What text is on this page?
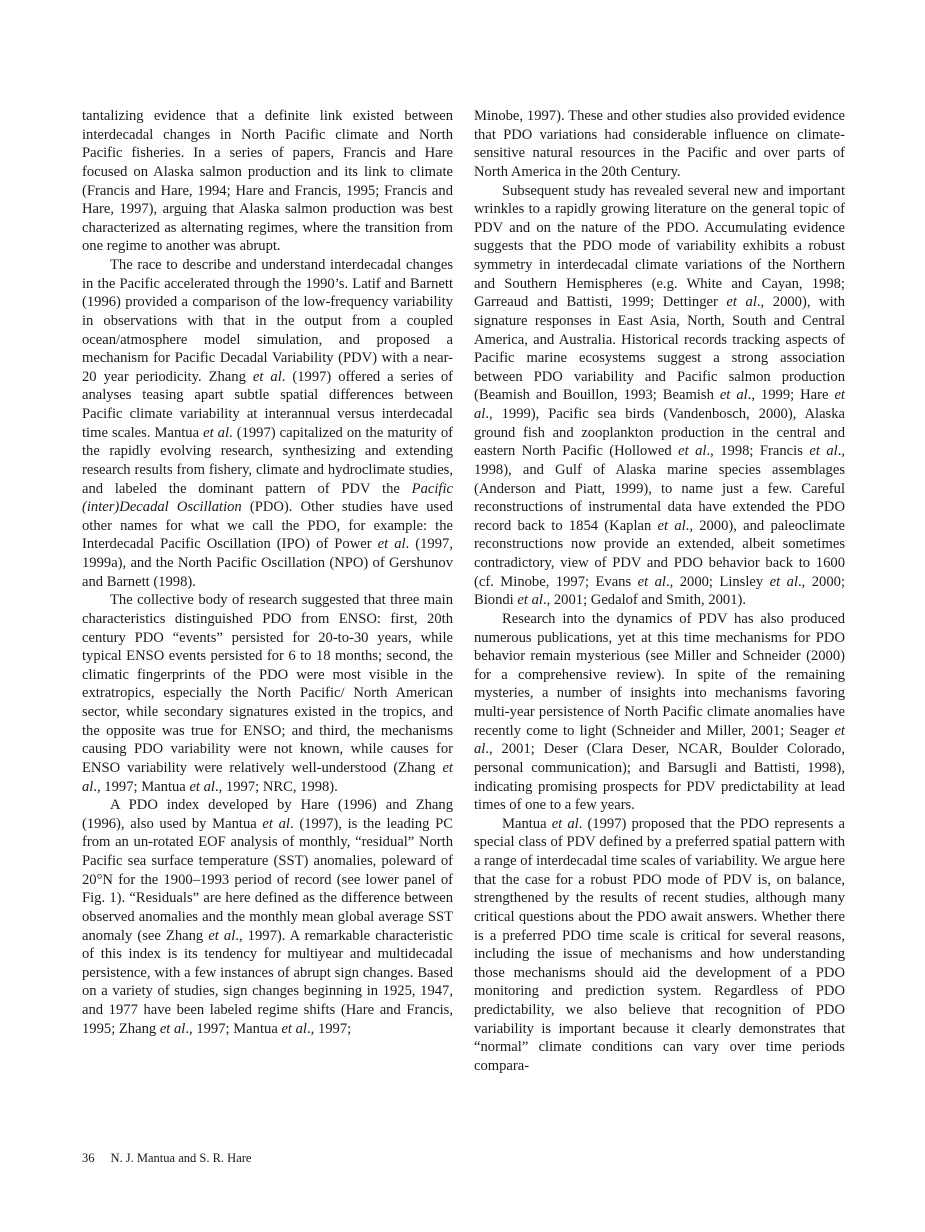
tantalizing evidence that a definite link existed between interdecadal changes in North Pacific climate and North Pacific fisheries. In a series of papers, Francis and Hare focused on Alaska salmon production and its link to climate (Francis and Hare, 1994; Hare and Francis, 1995; Francis and Hare, 1997), arguing that Alaska salmon production was best characterized as alternating regimes, where the transition from one regime to another was abrupt.

The race to describe and understand interdecadal changes in the Pacific accelerated through the 1990’s. Latif and Barnett (1996) provided a comparison of the low-frequency variability in observations with that in the output from a coupled ocean/atmosphere model simulation, and proposed a mechanism for Pacific Decadal Variability (PDV) with a near-20 year periodicity. Zhang et al. (1997) offered a series of analyses teasing apart subtle spatial differences between Pacific climate variability at interannual versus interdecadal time scales. Mantua et al. (1997) capitalized on the maturity of the rapidly evolving research, synthesizing and extending research results from fishery, climate and hydroclimate studies, and labeled the dominant pattern of PDV the Pacific (inter)Decadal Oscillation (PDO). Other studies have used other names for what we call the PDO, for example: the Interdecadal Pacific Oscillation (IPO) of Power et al. (1997, 1999a), and the North Pacific Oscillation (NPO) of Gershunov and Barnett (1998).

The collective body of research suggested that three main characteristics distinguished PDO from ENSO: first, 20th century PDO “events” persisted for 20-to-30 years, while typical ENSO events persisted for 6 to 18 months; second, the climatic fingerprints of the PDO were most visible in the extratropics, especially the North Pacific/ North American sector, while secondary signatures existed in the tropics, and the opposite was true for ENSO; and third, the mechanisms causing PDO variability were not known, while causes for ENSO variability were relatively well-understood (Zhang et al., 1997; Mantua et al., 1997; NRC, 1998).

A PDO index developed by Hare (1996) and Zhang (1996), also used by Mantua et al. (1997), is the leading PC from an un-rotated EOF analysis of monthly, “residual” North Pacific sea surface temperature (SST) anomalies, poleward of 20°N for the 1900–1993 period of record (see lower panel of Fig. 1). “Residuals” are here defined as the difference between observed anomalies and the monthly mean global average SST anomaly (see Zhang et al., 1997). A remarkable characteristic of this index is its tendency for multiyear and multidecadal persistence, with a few instances of abrupt sign changes. Based on a variety of studies, sign changes beginning in 1925, 1947, and 1977 have been labeled regime shifts (Hare and Francis, 1995; Zhang et al., 1997; Mantua et al., 1997;

Minobe, 1997). These and other studies also provided evidence that PDO variations had considerable influence on climate-sensitive natural resources in the Pacific and over parts of North America in the 20th Century.

Subsequent study has revealed several new and important wrinkles to a rapidly growing literature on the general topic of PDV and on the nature of the PDO. Accumulating evidence suggests that the PDO mode of variability exhibits a robust symmetry in interdecadal climate variations of the Northern and Southern Hemispheres (e.g. White and Cayan, 1998; Garreaud and Battisti, 1999; Dettinger et al., 2000), with signature responses in East Asia, North, South and Central America, and Australia. Historical records tracking aspects of Pacific marine ecosystems suggest a strong association between PDO variability and Pacific salmon production (Beamish and Bouillon, 1993; Beamish et al., 1999; Hare et al., 1999), Pacific sea birds (Vandenbosch, 2000), Alaska ground fish and zooplankton production in the central and eastern North Pacific (Hollowed et al., 1998; Francis et al., 1998), and Gulf of Alaska marine species assemblages (Anderson and Piatt, 1999), to name just a few. Careful reconstructions of instrumental data have extended the PDO record back to 1854 (Kaplan et al., 2000), and paleoclimate reconstructions now provide an extended, albeit sometimes contradictory, view of PDV and PDO behavior back to 1600 (cf. Minobe, 1997; Evans et al., 2000; Linsley et al., 2000; Biondi et al., 2001; Gedalof and Smith, 2001).

Research into the dynamics of PDV has also produced numerous publications, yet at this time mechanisms for PDO behavior remain mysterious (see Miller and Schneider (2000) for a comprehensive review). In spite of the remaining mysteries, a number of insights into mechanisms favoring multi-year persistence of North Pacific climate anomalies have recently come to light (Schneider and Miller, 2001; Seager et al., 2001; Deser (Clara Deser, NCAR, Boulder Colorado, personal communication); and Barsugli and Battisti, 1998), indicating promising prospects for PDV predictability at lead times of one to a few years.

Mantua et al. (1997) proposed that the PDO represents a special class of PDV defined by a preferred spatial pattern with a range of interdecadal time scales of variability. We argue here that the case for a robust PDO mode of PDV is, on balance, strengthened by the results of recent studies, although many critical questions about the PDO await answers. Whether there is a preferred PDO time scale is critical for several reasons, including the issue of mechanisms and how understanding those mechanisms should aid the development of a PDO monitoring and prediction system. Regardless of PDO predictability, we also believe that recognition of PDO variability is important because it clearly demonstrates that “normal” climate conditions can vary over time periods compara-

36 N. J. Mantua and S. R. Hare
